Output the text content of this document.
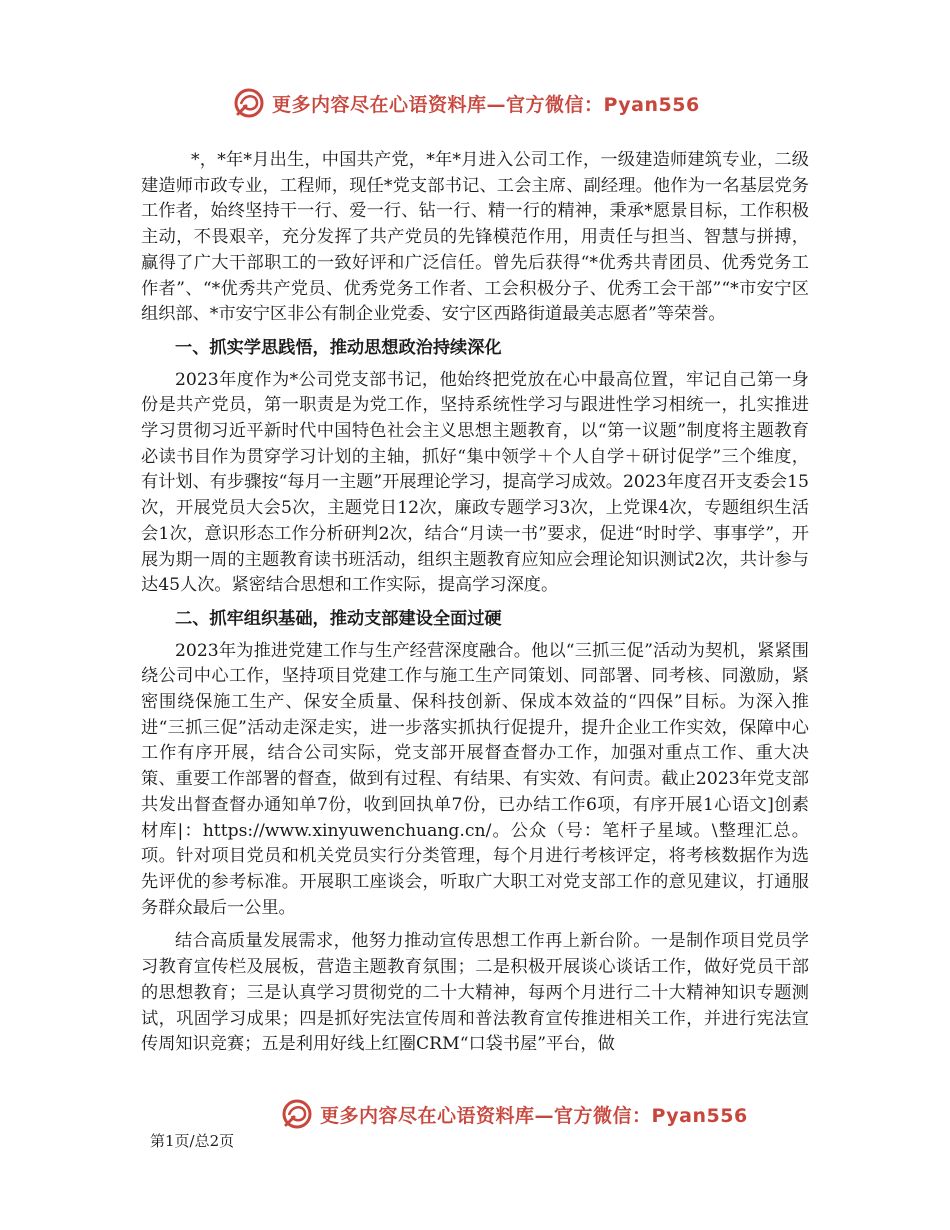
更多内容尽在心语资料库—官方微信：Pyan556

*，*年*月出生，中国共产党，*年*月进入公司工作，一级建造师建筑专业，二级建造师市政专业，工程师，现任*党支部书记、工会主席、副经理。他作为一名基层党务工作者，始终坚持干一行、爱一行、钻一行、精一行的精神，秉承*愿景目标，工作积极主动，不畏艰辛，充分发挥了共产党员的先锋模范作用，用责任与担当、智慧与拼搏，赢得了广大干部职工的一致好评和广泛信任。曾先后获得“*优秀共青团员、优秀党务工作者”、“*优秀共产党员、优秀党务工作者、工会积极分子、优秀工会干部”“*市安宁区组织部、*市安宁区非公有制企业党委、安宁区西路街道最美志愿者”等荣誉。

一、抓实学思践悟，推动思想政治持续深化

2023年度作为*公司党支部书记，他始终把党放在心中最高位置，牢记自己第一身份是共产党员，第一职责是为党工作，坚持系统性学习与跟进性学习相统一，扎实推进学习贯彻习近平新时代中国特色社会主义思想主题教育，以“第一议题”制度将主题教育必读书目作为贯穿学习计划的主轴，抓好“集中领学＋个人自学＋研讨促学”三个维度，有计划、有步骤按“每月一主题”开展理论学习，提高学习成效。2023年度召开支委会15次，开展党员大会5次，主题党日12次，廉政专题学习3次，上党课4次，专题组织生活会1次，意识形态工作分析研判2次，结合“月读一书”要求，促进“时时学、事事学”，开展为期一周的主题教育读书班活动，组织主题教育应知应会理论知识测试2次，共计参与达45人次。紧密结合思想和工作实际，提高学习深度。

二、抓牢组织基础，推动支部建设全面过硬

2023年为推进党建工作与生产经营深度融合。他以“三抓三促”活动为契机，紧紧围绕公司中心工作，坚持项目党建工作与施工生产同策划、同部署、同考核、同激励，紧密围绕保施工生产、保安全质量、保科技创新、保成本效益的“四保”目标。为深入推进“三抓三促”活动走深走实，进一步落实抓执行促提升，提升企业工作实效，保障中心工作有序开展，结合公司实际，党支部开展督查督办工作，加强对重点工作、重大决策、重要工作部署的督查，做到有过程、有结果、有实效、有问责。截止2023年党支部共发出督查督办通知单7份，收到回执单7份，已办结工作6项，有序开展1心语文]创素材库|：https://www.xinyuwenchuang.cn/。公众（号：笔杆子星域。\整理汇总。项。针对项目党员和机关党员实行分类管理，每个月进行考核评定，将考核数据作为选先评优的参考标准。开展职工座谈会，听取广大职工对党支部工作的意见建议，打通服务群众最后一公里。

结合高质量发展需求，他努力推动宣传思想工作再上新台阶。一是制作项目党员学习教育宣传栏及展板，营造主题教育氛围；二是积极开展谈心谈话工作，做好党员干部的思想教育；三是认真学习贯彻党的二十大精神，每两个月进行二十大精神知识专题测试，巩固学习成果；四是抓好宪法宣传周和普法教育宣传推进相关工作，并进行宪法宣传周知识竞赛；五是利用好线上红圈CRM“口袋书屋”平台，做

更多内容尽在心语资料库—官方微信：Pyan556
第1页/总2页
